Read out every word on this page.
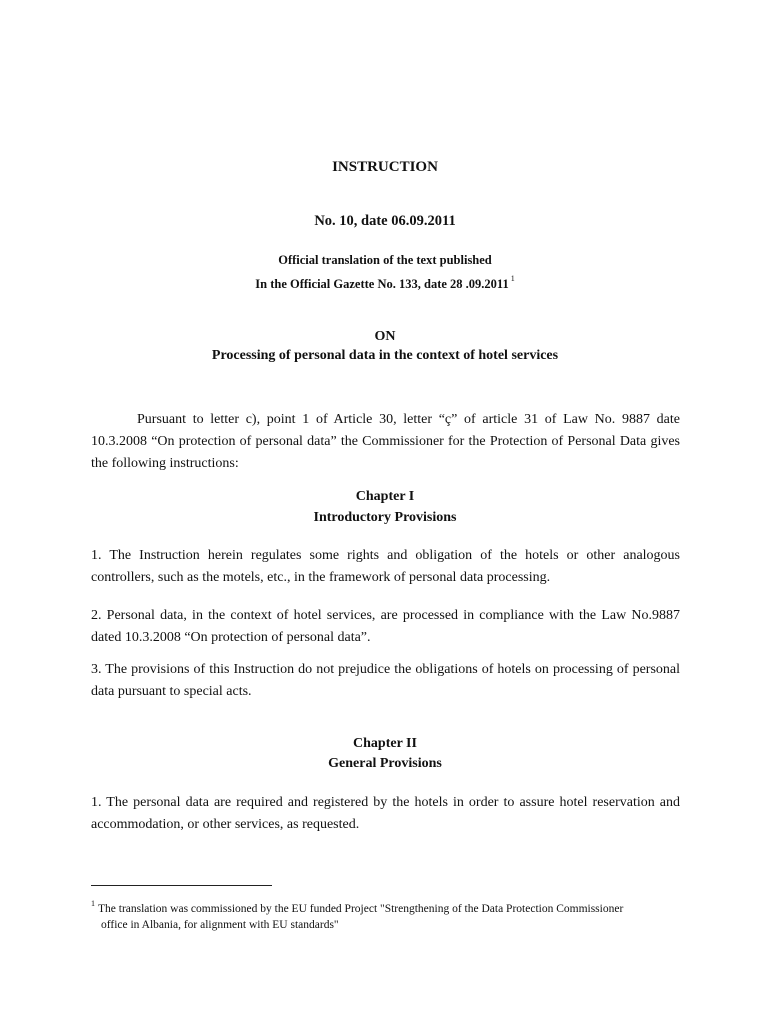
INSTRUCTION
No. 10, date 06.09.2011
Official translation of the text published
In the Official Gazette No. 133, date 28 .09.2011 $^1$
ON
Processing of personal data in the context of hotel services
Pursuant to letter c), point 1 of Article 30, letter “ç” of article 31 of Law No. 9887 date 10.3.2008 “On protection of personal data” the Commissioner for the Protection of Personal Data gives the following instructions:
Chapter I
Introductory Provisions
1. The Instruction herein regulates some rights and obligation of the hotels or other analogous controllers, such as the motels, etc., in the framework of personal data processing.
2. Personal data, in the context of hotel services, are processed in compliance with the Law No.9887 dated 10.3.2008 “On protection of personal data”.
3. The provisions of this Instruction do not prejudice the obligations of hotels on processing of personal data pursuant to special acts.
Chapter II
General Provisions
1. The personal data are required and registered by the hotels in order to assure hotel reservation and accommodation, or other services, as requested.
$^1$ The translation was commissioned by the EU funded Project "Strengthening of the Data Protection Commissioner
office in Albania, for alignment with EU standards"
